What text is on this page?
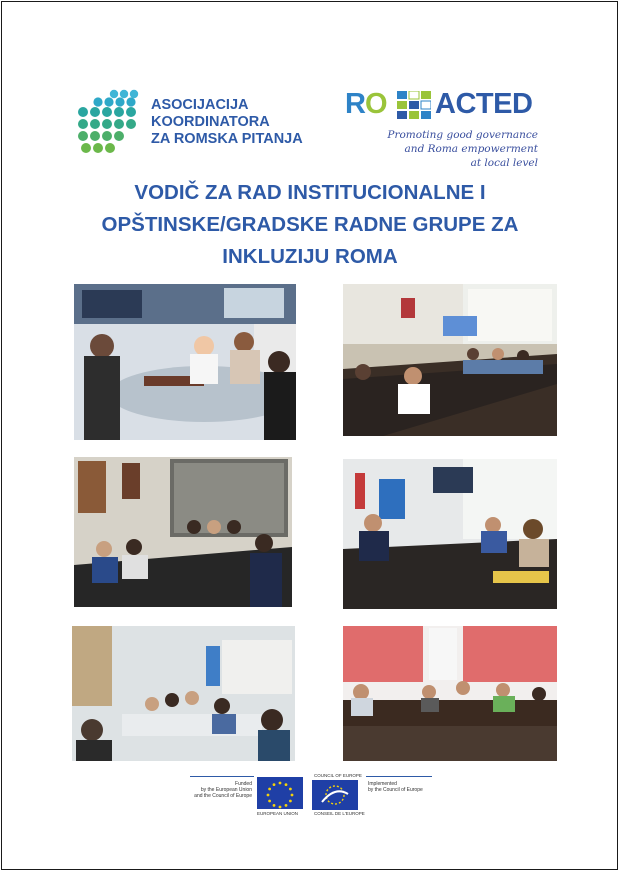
ASOCIJACIJA
KOORDINATORA
ZA ROMSKA PITANJA
RO ACTED
Promoting good governance
and Roma empowerment
at local level
VODIČ ZA RAD INSTITUCIONALNE I
OPŠTINSKE/GRADSKE RADNE GRUPE ZA
INKLUZIJU ROMA
Funded
by the European Union
and the Council of Europe
EUROPEAN UNION
COUNCIL OF EUROPE
CONSEIL DE L'EUROPE
Implemented
by the Council of Europe
